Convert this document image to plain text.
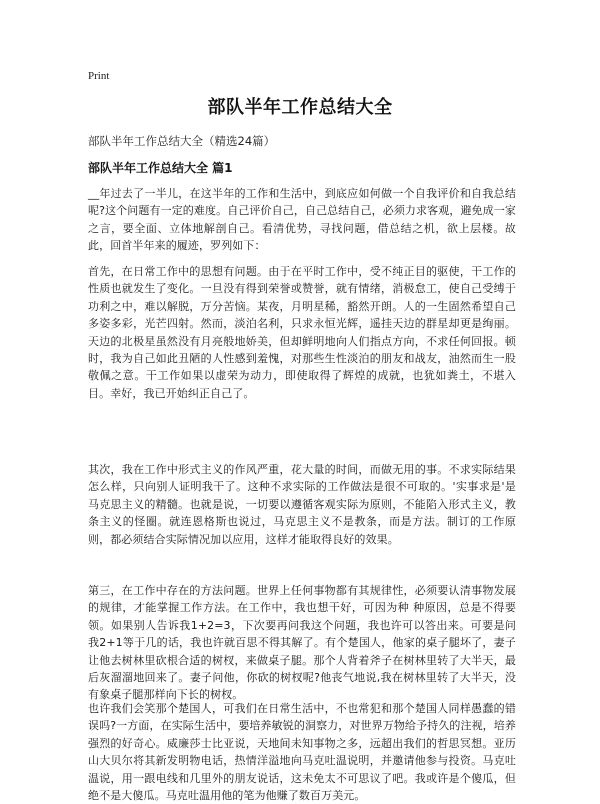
Print
部队半年工作总结大全
部队半年工作总结大全（精选24篇）
部队半年工作总结大全 篇1

__年过去了一半儿，在这半年的工作和生活中，到底应如何做一个自我评价和自我总结呢?这个问题有一定的难度。自己评价自己，自己总结自己，必须力求客观，避免成一家之言，要全面、立体地解剖自己。看清优势，寻找问题，借总结之机，欲上层楼。故此，回首半年来的履迹，罗列如下：

首先，在日常工作中的思想有问题。由于在平时工作中，受不纯正目的驱使，干工作的性质也就发生了变化。一旦没有得到荣誉或赞誉，就有情绪，消极怠工，使自己受缚于功利之中，难以解脱，万分苦恼。某夜，月明星稀，豁然开朗。人的一生固然希望自己多姿多彩，光芒四射。然而，淡泊名利，只求永恒光辉，遥挂天边的群星却更是绚丽。天边的北极星虽然没有月亮般地娇美，但却鲜明地向人们指点方向，不求任何回报。顿时，我为自己如此丑陋的人性感到羞愧，对那些生性淡泊的朋友和战友，油然而生一股敬佩之意。干工作如果以虚荣为动力，即使取得了辉煌的成就，也犹如粪土，不堪入目。幸好，我已开始纠正自己了。

其次，我在工作中形式主义的作风严重，花大量的时间，而做无用的事。不求实际结果怎么样，只向别人证明我干了。这种不求实际的工作做法是很不可取的。'实事求是'是马克思主义的精髓。也就是说，一切要以遵循客观实际为原则，不能陷入形式主义，教条主义的怪圈。就连恩格斯也说过，马克思主义不是教条，而是方法。制订的工作原则，都必须结合实际情况加以应用，这样才能取得良好的效果。

第三，在工作中存在的方法问题。世界上任何事物都有其规律性，必须要认清事物发展的规律，才能掌握工作方法。在工作中，我也想干好，可因为种 种原因，总是不得要领。如果别人告诉我1+2=3，下次要再问我这个问题，我也许可以答出来。可要是问我2+1等于几的话，我也许就百思不得其解了。有个楚国人，他家的桌子腿坏了，妻子让他去树林里砍根合适的树杈，来做桌子腿。那个人背着斧子在树林里转了大半天，最后灰溜溜地回来了。妻子问他，你砍的树杈呢?他丧气地说,我在树林里转了大半天，没有象桌子腿那样向下长的树杈。

也许我们会笑那个楚国人，可我们在日常生活中，不也常犯和那个楚国人同样愚蠢的错误吗?一方面，在实际生活中，要培养敏锐的洞察力，对世界万物给予持久的注视，培养强烈的好奇心。威廉莎士比亚说，天地间未知事物之多，远超出我们的哲思冥想。亚历山大贝尔将其新发明物电话，热情洋溢地向马克吐温说明，并邀请他参与投资。马克吐温说，用一跟电线和几里外的朋友说话，这未免太不可思议了吧。我或许是个傻瓜，但绝不是大傻瓜。马克吐温用他的笔为他赚了数百万美元。
